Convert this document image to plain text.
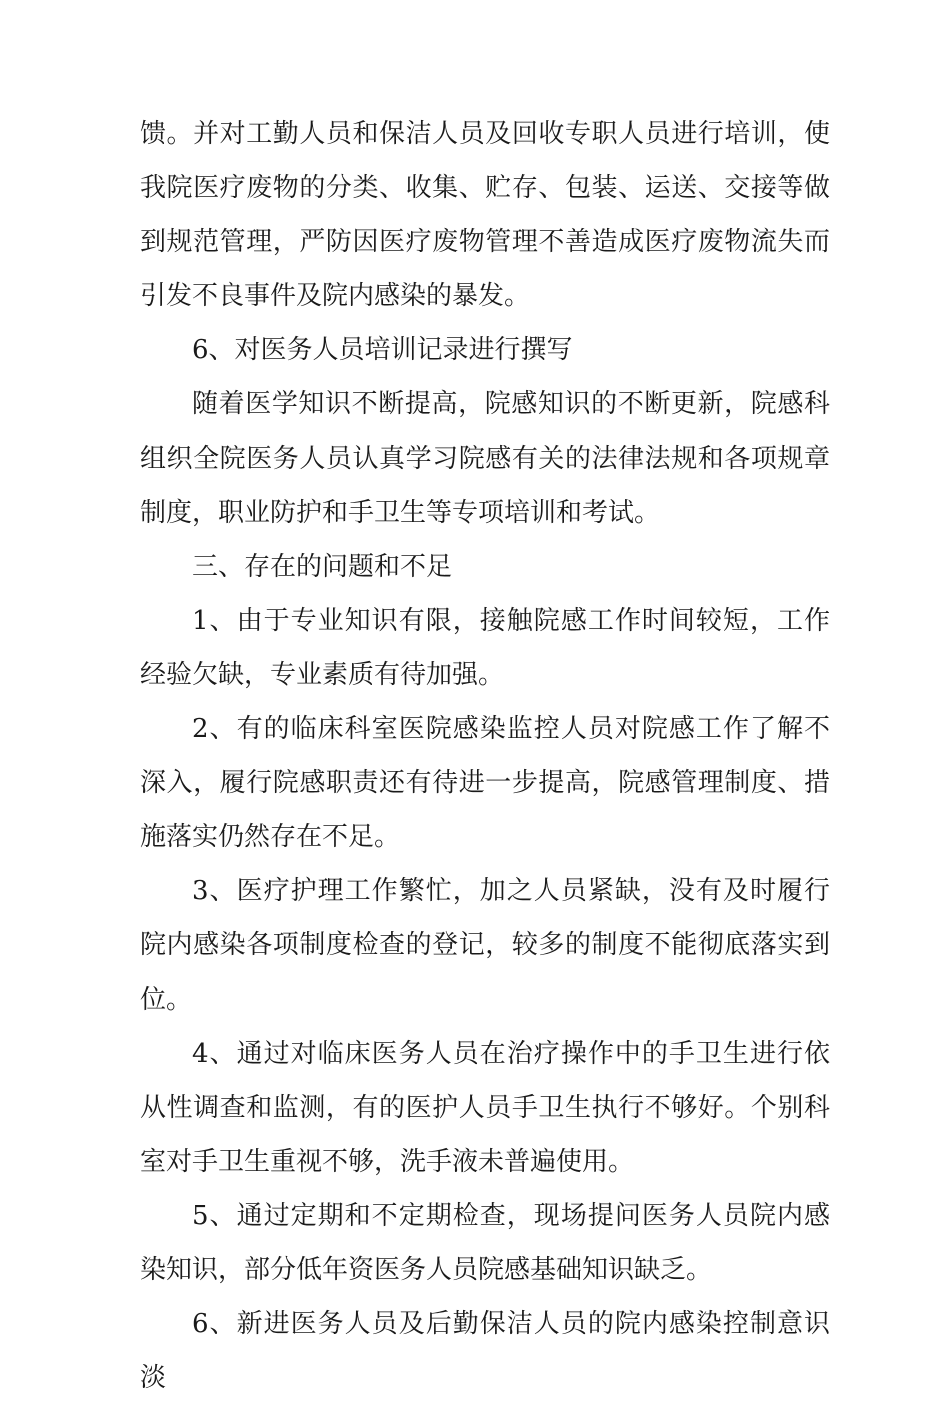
馈。并对工勤人员和保洁人员及回收专职人员进行培训，使我院医疗废物的分类、收集、贮存、包装、运送、交接等做到规范管理，严防因医疗废物管理不善造成医疗废物流失而引发不良事件及院内感染的暴发。

6、对医务人员培训记录进行撰写

随着医学知识不断提高，院感知识的不断更新，院感科组织全院医务人员认真学习院感有关的法律法规和各项规章制度，职业防护和手卫生等专项培训和考试。

三、存在的问题和不足

1、由于专业知识有限，接触院感工作时间较短，工作经验欠缺，专业素质有待加强。

2、有的临床科室医院感染监控人员对院感工作了解不深入，履行院感职责还有待进一步提高，院感管理制度、措施落实仍然存在不足。

3、医疗护理工作繁忙，加之人员紧缺，没有及时履行院内感染各项制度检查的登记，较多的制度不能彻底落实到位。

4、通过对临床医务人员在治疗操作中的手卫生进行依从性调查和监测，有的医护人员手卫生执行不够好。个别科室对手卫生重视不够，洗手液未普遍使用。

5、通过定期和不定期检查，现场提问医务人员院内感染知识，部分低年资医务人员院感基础知识缺乏。

6、新进医务人员及后勤保洁人员的院内感染控制意识淡
